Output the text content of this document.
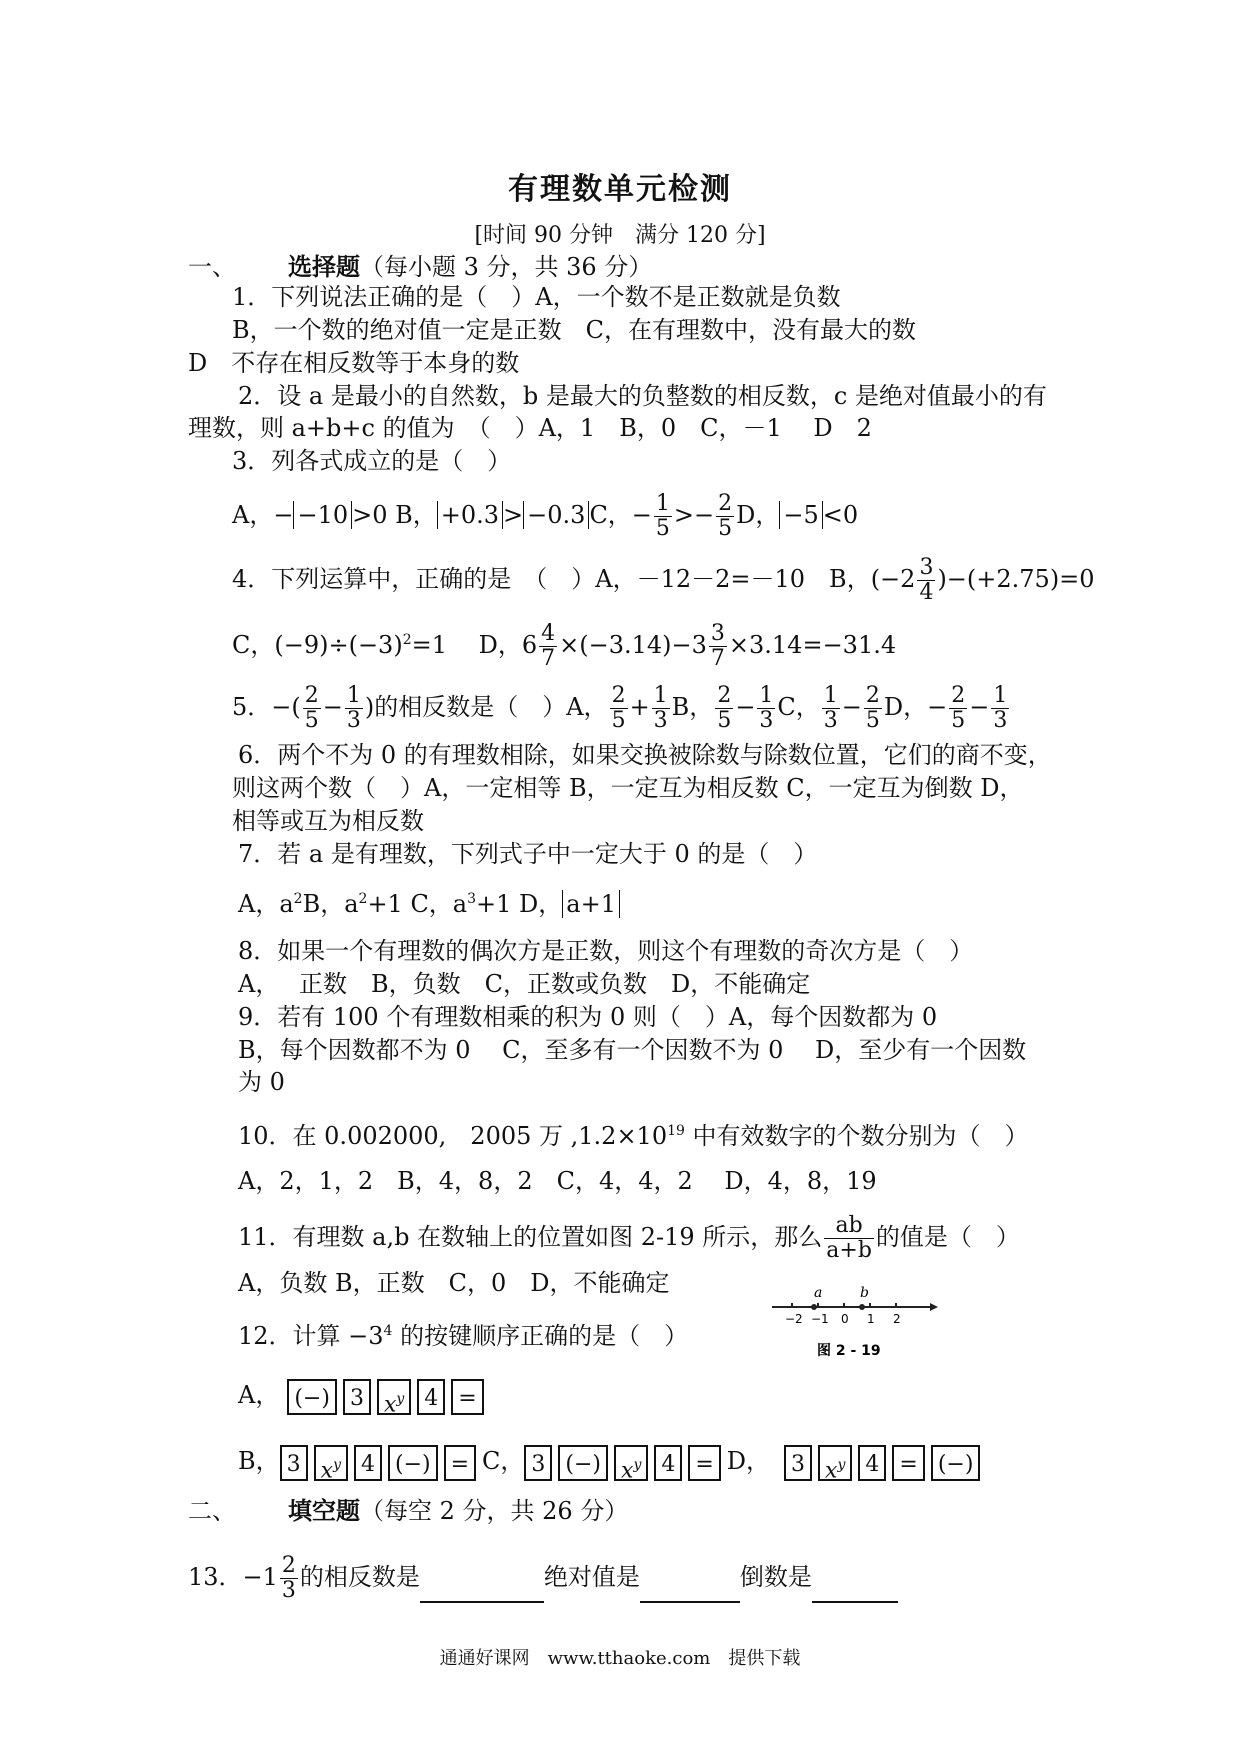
有理数单元检测
[时间 90 分钟　满分 120 分]
一、 选择题（每小题 3 分，共 36 分）
1．下列说法正确的是（　）A，一个数不是正数就是负数
B，一个数的绝对值一定是正数　C，在有理数中，没有最大的数
D　不存在相反数等于本身的数
2．设 a 是最小的自然数，b 是最大的负整数的相反数，c 是绝对值最小的有
理数，则 a+b+c 的值为　（　）A，1　B，0　C，－1　 D　2
3．列各式成立的是（　）
A，− −10 >0 B， +0.3 > −0.3 C，− $\frac{1}{5} >- \frac{2}{5}$ D， −5 <0
4．下列运算中，正确的是　（　）A，－12－2=－10　B，$(-2 \frac{3}{4} )-(+2.75)=0$
C，$(-9)\div(-3)^2=1$　 D，$6 \frac{4}{7} \times(-3.14)-3 \frac{3}{7} \times 3.14=-31.4$
5．−( $\frac{2}{5} - \frac{1}{3}$ )的相反数是（　）A， $\frac{2}{5} + \frac{1}{3}$ B， $\frac{2}{5} - \frac{1}{3}$ C， $\frac{1}{3} - \frac{2}{5}$ D，− $\frac{2}{5} - \frac{1}{3}$
6．两个不为 0 的有理数相除，如果交换被除数与除数位置，它们的商不变，
则这两个数（　）A，一定相等 B，一定互为相反数 C，一定互为倒数 D，
相等或互为相反数
7．若 a 是有理数，下列式子中一定大于 0 的是（　）
A，$a^2B$，$a^2+1$ C，$a^3+1$ D， a+1
8．如果一个有理数的偶次方是正数，则这个有理数的奇次方是（　）
A，　 正数　B，负数　C，正数或负数　D，不能确定
9．若有 100 个有理数相乘的积为 0 则（　）A，每个因数都为 0
B，每个因数都不为 0　 C，至多有一个因数不为 0　 D，至少有一个因数
为 0
10．在 0.002000,　2005 万 $,1.2\times 10^{19}$ 中有效数字的个数分别为（　）
A，2，1，2　B，4，8，2　C，4，4，2　 D，4，8，19
11．有理数 a,b 在数轴上的位置如图 2-19 所示，那么 $\frac{ab}{a+b}$ 的值是（　）
A，负数 B，正数　C，0　D，不能确定	a	b
−2 −1 0 1 2
图 2 - 19
12．计算 $-3^4$ 的按键顺序正确的是（　）
A， (−) 3 $x^y$ 4 =
B， 3 $x^y$ 4 (−) = C， 3 (−) $x^y$ 4 = D， 3 $x^y$ 4 = (−)
二、 填空题（每空 2 分，共 26 分）
13．$-1 \frac{2}{3}$ 的相反数是	绝对值是	倒数是
通通好课网　www.tthaoke.com　提供下载
